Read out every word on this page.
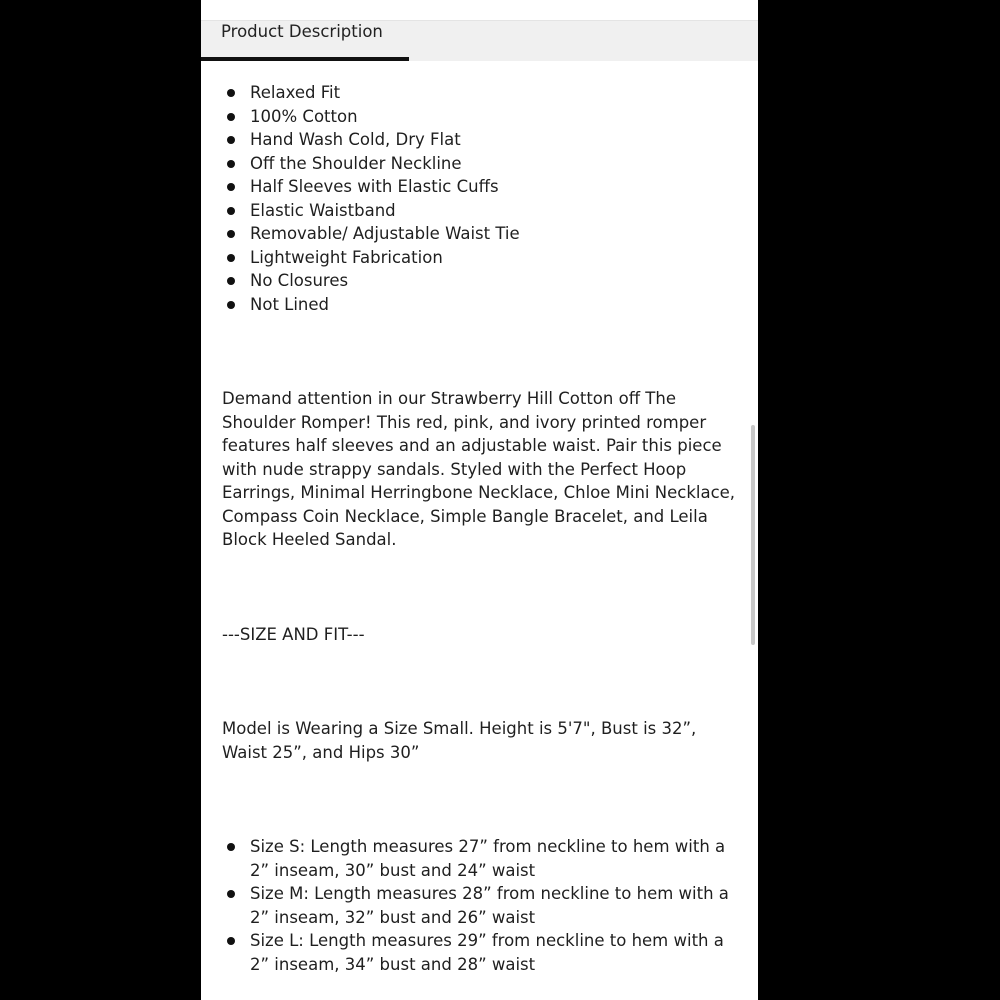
Product Description
Relaxed Fit
100% Cotton
Hand Wash Cold, Dry Flat
Off the Shoulder Neckline
Half Sleeves with Elastic Cuffs
Elastic Waistband
Removable/ Adjustable Waist Tie
Lightweight Fabrication
No Closures
Not Lined

Demand attention in our Strawberry Hill Cotton off The Shoulder Romper! This red, pink, and ivory printed romper features half sleeves and an adjustable waist. Pair this piece with nude strappy sandals. Styled with the Perfect Hoop Earrings, Minimal Herringbone Necklace, Chloe Mini Necklace, Compass Coin Necklace, Simple Bangle Bracelet, and Leila Block Heeled Sandal.

---SIZE AND FIT---

Model is Wearing a Size Small. Height is 5'7", Bust is 32”, Waist 25”, and Hips 30”

Size S: Length measures 27” from neckline to hem with a 2” inseam, 30” bust and 24” waist
Size M: Length measures 28” from neckline to hem with a 2” inseam, 32” bust and 26” waist
Size L: Length measures 29” from neckline to hem with a 2” inseam, 34” bust and 28” waist
